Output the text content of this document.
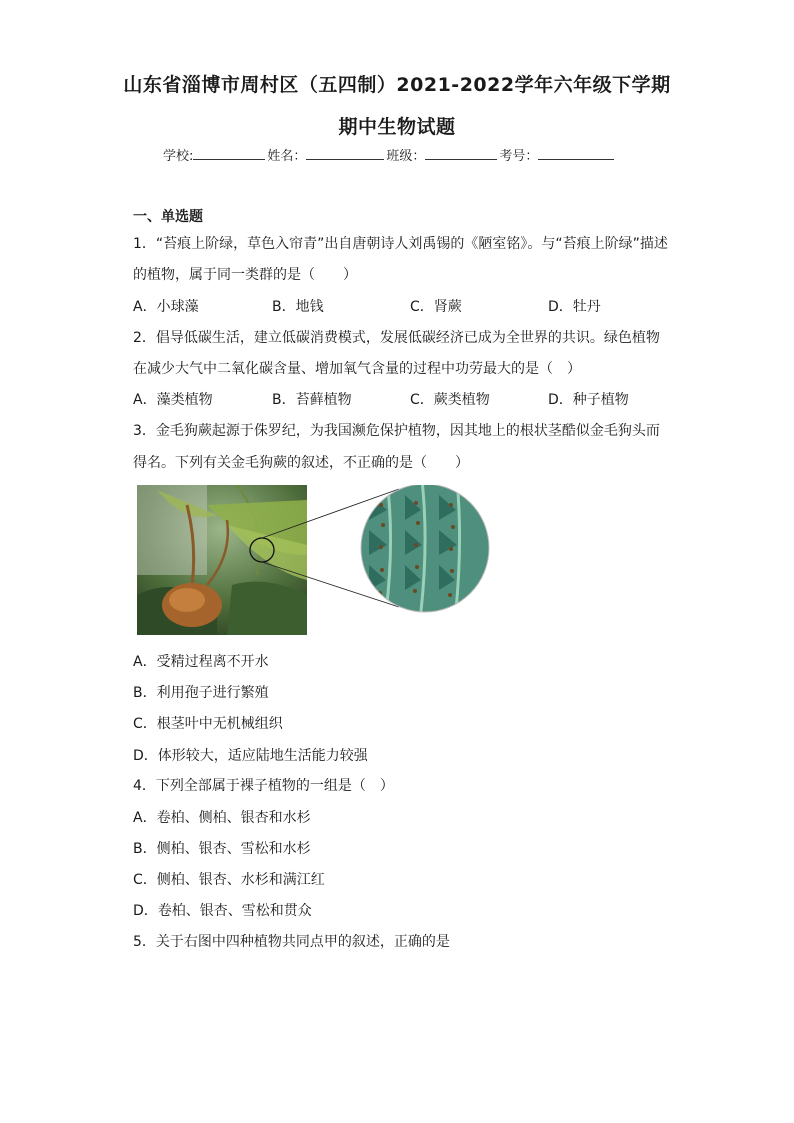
山东省淄博市周村区（五四制）2021-2022学年六年级下学期
期中生物试题
学校:	姓名：	班级：	考号：
一、单选题
1．“苔痕上阶绿，草色入帘青”出自唐朝诗人刘禹锡的《陋室铭》。与“苔痕上阶绿”描述
的植物，属于同一类群的是（　　）
A．小球藻	B．地钱	C．肾蕨	D．牡丹
2．倡导低碳生活，建立低碳消费模式，发展低碳经济已成为全世界的共识。绿色植物
在减少大气中二氧化碳含量、增加氧气含量的过程中功劳最大的是（　）
A．藻类植物	B．苔藓植物	C．蕨类植物	D．种子植物
3．金毛狗蕨起源于侏罗纪，为我国濒危保护植物，因其地上的根状茎酷似金毛狗头而
得名。下列有关金毛狗蕨的叙述，不正确的是（　　）
A．受精过程离不开水
B．利用孢子进行繁殖
C．根茎叶中无机械组织
D．体形较大，适应陆地生活能力较强
4．下列全部属于裸子植物的一组是（　）
A．卷柏、侧柏、银杏和水杉
B．侧柏、银杏、雪松和水杉
C．侧柏、银杏、水杉和满江红
D．卷柏、银杏、雪松和贯众
5．关于右图中四种植物共同点甲的叙述，正确的是
